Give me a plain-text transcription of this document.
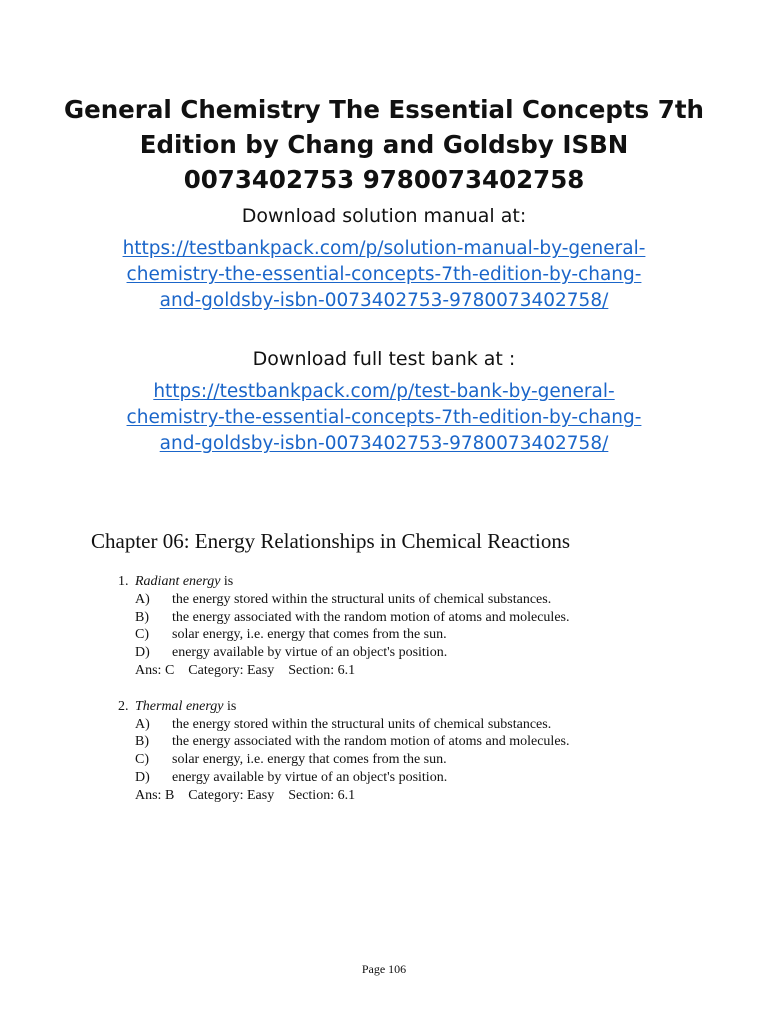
General Chemistry The Essential Concepts 7th Edition by Chang and Goldsby ISBN 0073402753 9780073402758
Download solution manual at:
https://testbankpack.com/p/solution-manual-by-general-
chemistry-the-essential-concepts-7th-edition-by-chang-
and-goldsby-isbn-0073402753-9780073402758/
Download full test bank at :
https://testbankpack.com/p/test-bank-by-general-
chemistry-the-essential-concepts-7th-edition-by-chang-
and-goldsby-isbn-0073402753-9780073402758/
Chapter 06: Energy Relationships in Chemical Reactions
1. Radiant energy is
A) the energy stored within the structural units of chemical substances.
B) the energy associated with the random motion of atoms and molecules.
C) solar energy, i.e. energy that comes from the sun.
D) energy available by virtue of an object's position.
Ans: C    Category: Easy    Section: 6.1
2. Thermal energy is
A) the energy stored within the structural units of chemical substances.
B) the energy associated with the random motion of atoms and molecules.
C) solar energy, i.e. energy that comes from the sun.
D) energy available by virtue of an object's position.
Ans: B    Category: Easy    Section: 6.1
Page 106
